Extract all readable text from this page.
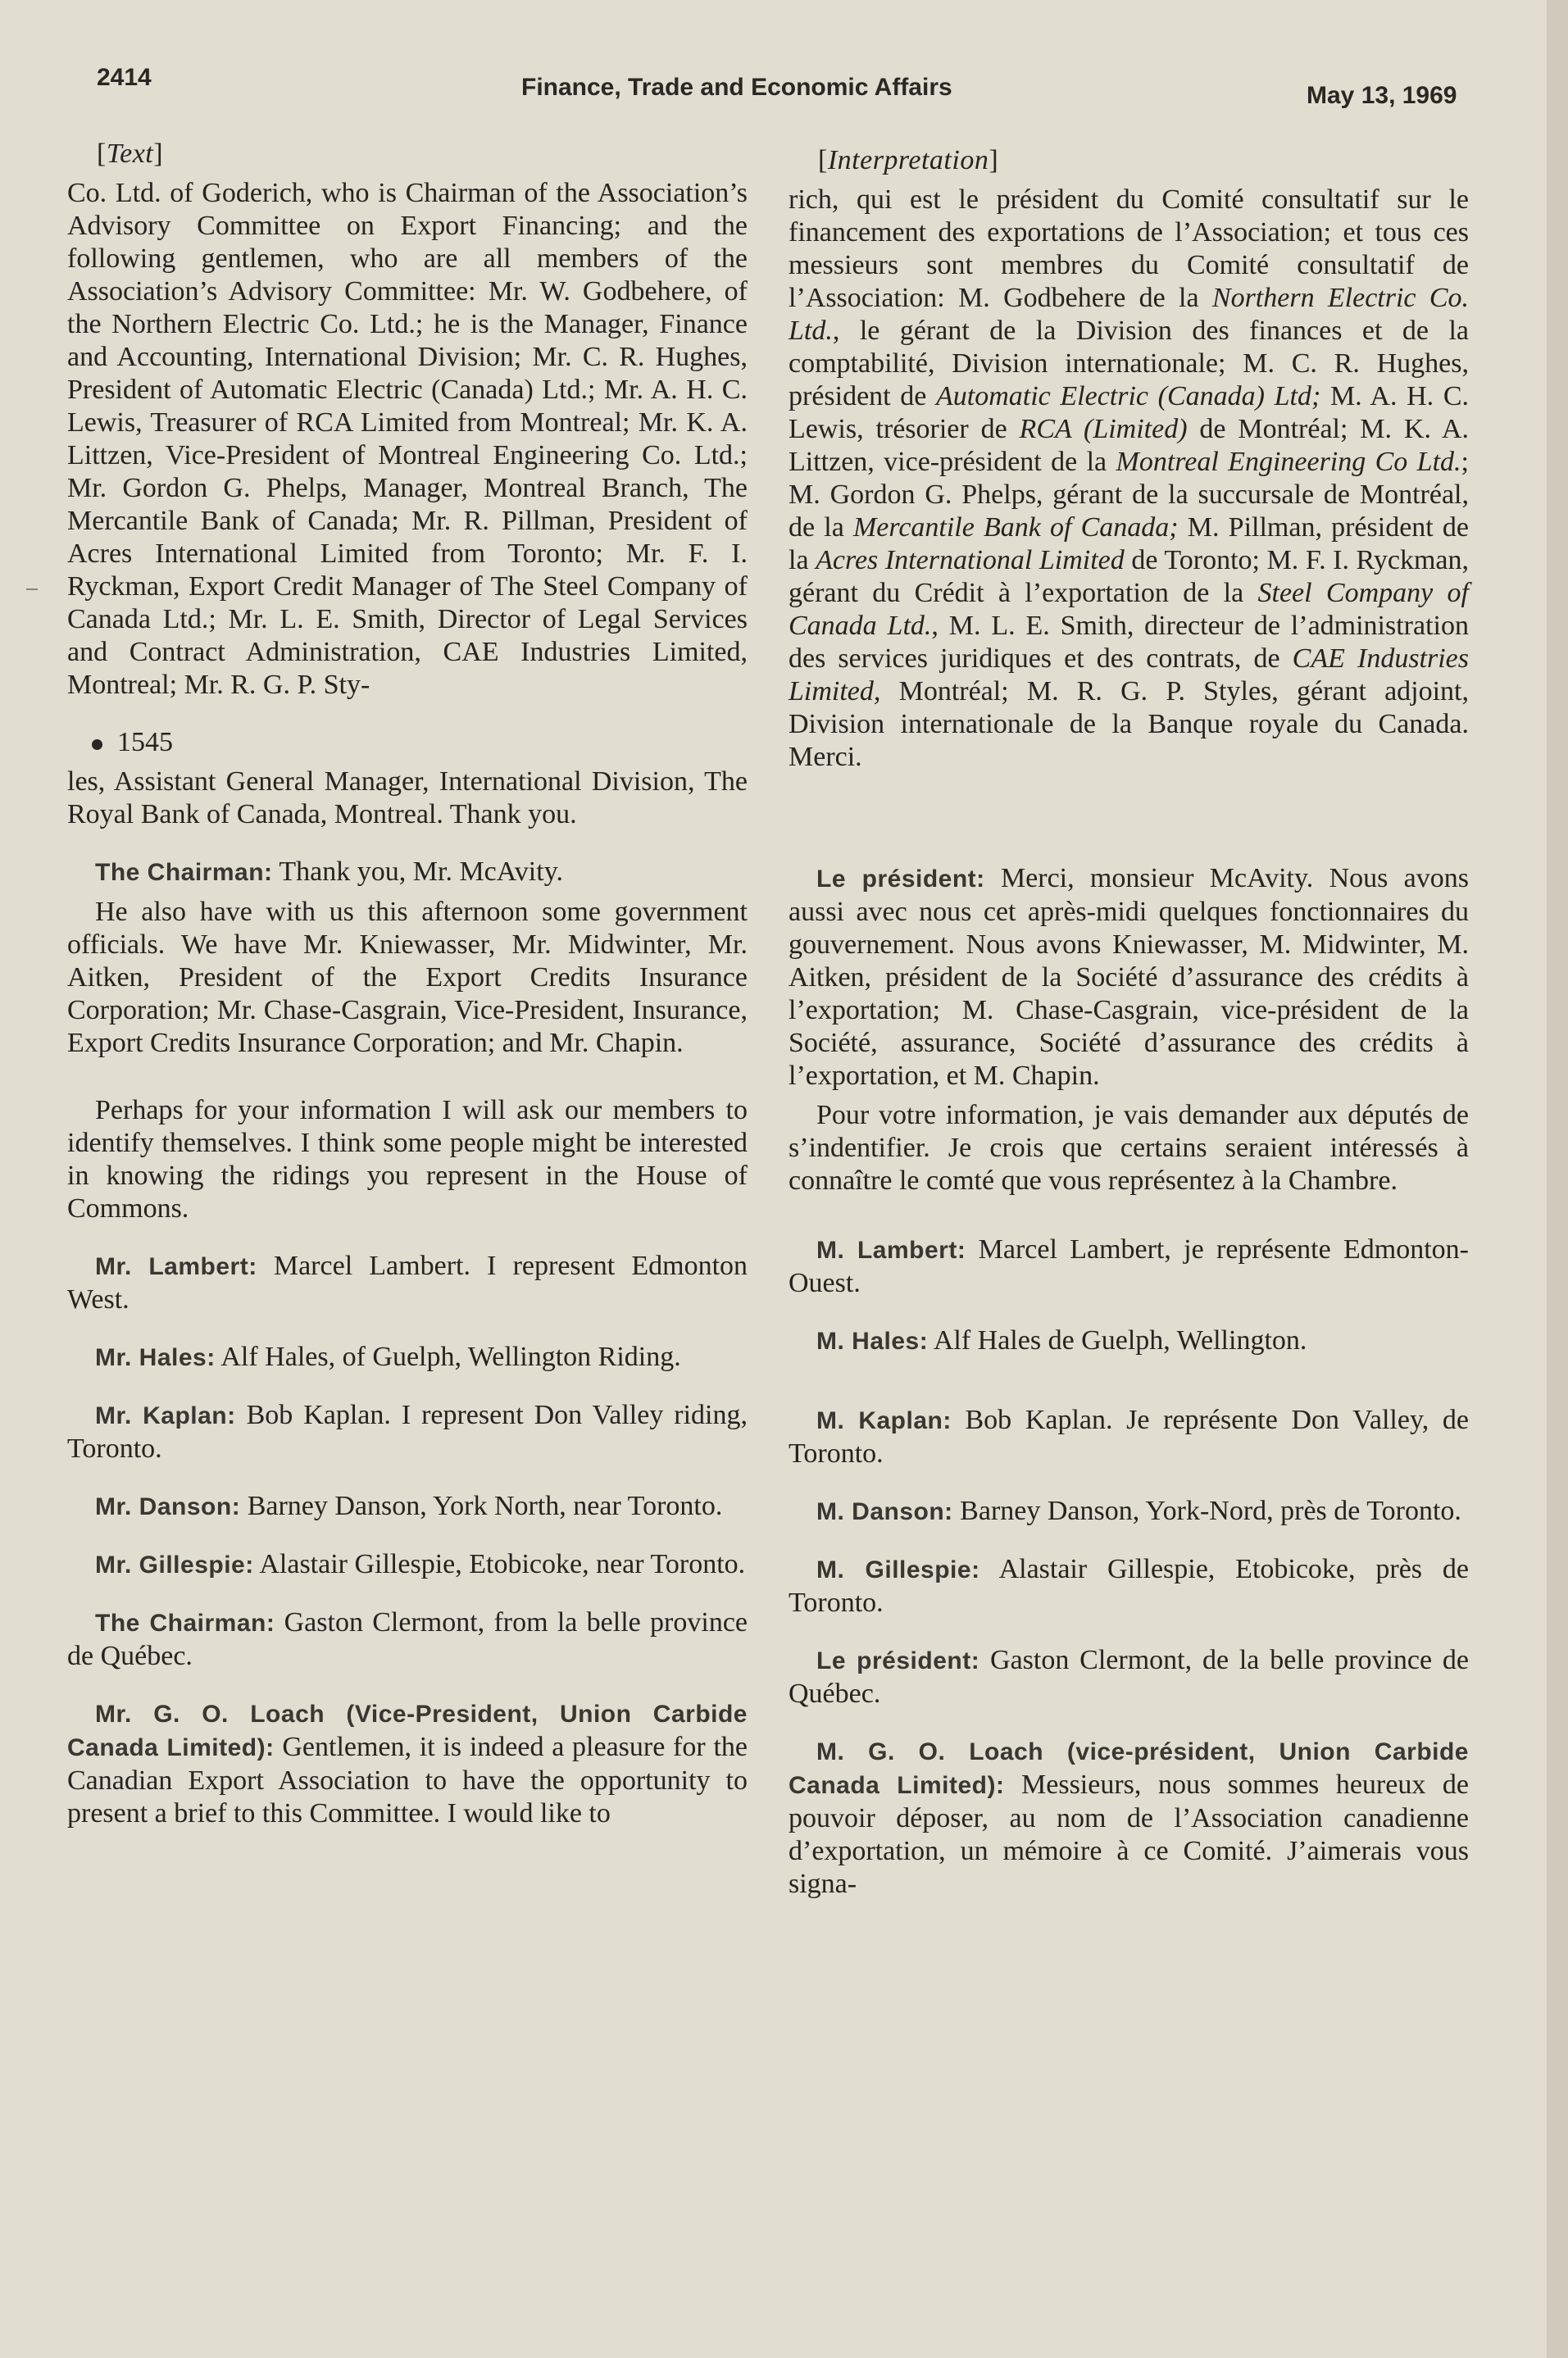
2414	Finance, Trade and Economic Affairs	May 13, 1969
[Text]

Co. Ltd. of Goderich, who is Chairman of the Association’s Advisory Committee on Export Financing; and the following gentlemen, who are all members of the Association’s Advisory Committee: Mr. W. Godbehere, of the Northern Electric Co. Ltd.; he is the Manager, Finance and Accounting, International Division; Mr. C. R. Hughes, President of Automatic Electric (Canada) Ltd.; Mr. A. H. C. Lewis, Treasurer of RCA Limited from Montreal; Mr. K. A. Littzen, Vice-President of Montreal Engineering Co. Ltd.; Mr. Gordon G. Phelps, Manager, Montreal Branch, The Mercantile Bank of Canada; Mr. R. Pillman, President of Acres International Limited from Toronto; Mr. F. I. Ryckman, Export Credit Manager of The Steel Company of Canada Ltd.; Mr. L. E. Smith, Director of Legal Services and Contract Administration, CAE Industries Limited, Montreal; Mr. R. G. P. Sty-

1545

les, Assistant General Manager, International Division, The Royal Bank of Canada, Montreal. Thank you.

The Chairman: Thank you, Mr. McAvity.

He also have with us this afternoon some government officials. We have Mr. Kniewasser, Mr. Midwinter, Mr. Aitken, President of the Export Credits Insurance Corporation; Mr. Chase-Casgrain, Vice-President, Insurance, Export Credits Insurance Corporation; and Mr. Chapin.

Perhaps for your information I will ask our members to identify themselves. I think some people might be interested in knowing the ridings you represent in the House of Commons.

Mr. Lambert: Marcel Lambert. I represent Edmonton West.

Mr. Hales: Alf Hales, of Guelph, Wellington Riding.

Mr. Kaplan: Bob Kaplan. I represent Don Valley riding, Toronto.

Mr. Danson: Barney Danson, York North, near Toronto.

Mr. Gillespie: Alastair Gillespie, Etobicoke, near Toronto.

The Chairman: Gaston Clermont, from la belle province de Québec.

Mr. G. O. Loach (Vice-President, Union Carbide Canada Limited): Gentlemen, it is indeed a pleasure for the Canadian Export Association to have the opportunity to present a brief to this Committee. I would like to

[Interpretation]

rich, qui est le président du Comité consultatif sur le financement des exportations de l’Association; et tous ces messieurs sont membres du Comité consultatif de l’Association: M. Godbehere de la Northern Electric Co. Ltd., le gérant de la Division des finances et de la comptabilité, Division internationale; M. C. R. Hughes, président de Automatic Electric (Canada) Ltd; M. A. H. C. Lewis, trésorier de RCA (Limited) de Montréal; M. K. A. Littzen, vice-président de la Montreal Engineering Co Ltd.; M. Gordon G. Phelps, gérant de la succursale de Montréal, de la Mercantile Bank of Canada; M. Pillman, président de la Acres International Limited de Toronto; M. F. I. Ryckman, gérant du Crédit à l’exportation de la Steel Company of Canada Ltd., M. L. E. Smith, directeur de l’administration des services juridiques et des contrats, de CAE Industries Limited, Montréal; M. R. G. P. Styles, gérant adjoint, Division internationale de la Banque royale du Canada. Merci.

Le président: Merci, monsieur McAvity. Nous avons aussi avec nous cet après-midi quelques fonctionnaires du gouvernement. Nous avons Kniewasser, M. Midwinter, M. Aitken, président de la Société d’assurance des crédits à l’exportation; M. Chase-Casgrain, vice-président de la Société, assurance, Société d’assurance des crédits à l’exportation, et M. Chapin.

Pour votre information, je vais demander aux députés de s’indentifier. Je crois que certains seraient intéressés à connaître le comté que vous représentez à la Chambre.

M. Lambert: Marcel Lambert, je représente Edmonton-Ouest.

M. Hales: Alf Hales de Guelph, Wellington.

M. Kaplan: Bob Kaplan. Je représente Don Valley, de Toronto.

M. Danson: Barney Danson, York-Nord, près de Toronto.

M. Gillespie: Alastair Gillespie, Etobicoke, près de Toronto.

Le président: Gaston Clermont, de la belle province de Québec.

M. G. O. Loach (vice-président, Union Carbide Canada Limited): Messieurs, nous sommes heureux de pouvoir déposer, au nom de l’Association canadienne d’exportation, un mémoire à ce Comité. J’aimerais vous signa-
